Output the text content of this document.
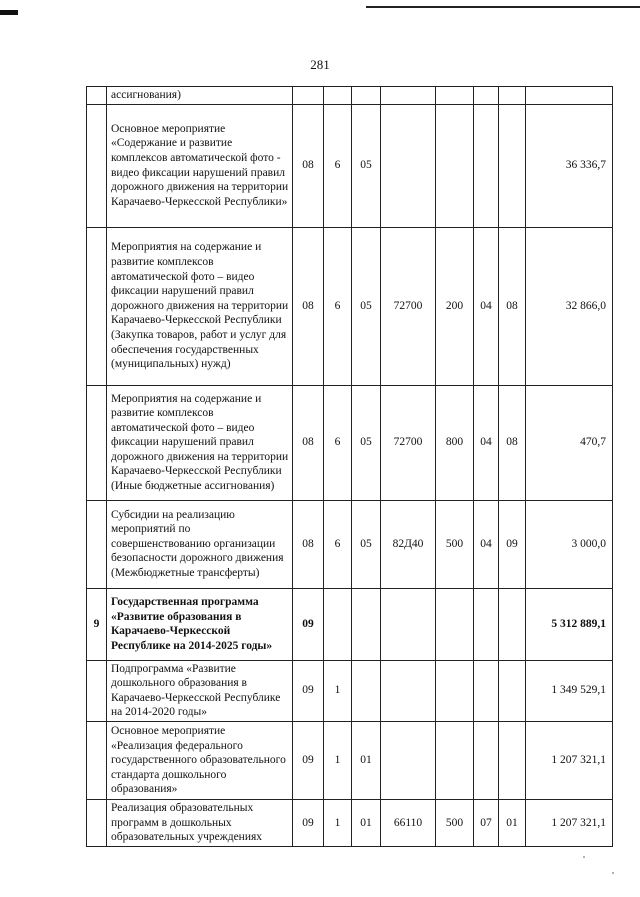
281
	ассигнования)								
	Основное мероприятие «Содержание и развитие комплексов автоматической фото - видео фиксации нарушений правил дорожного движения на территории Карачаево-Черкесской Республики»	08	6	05					36 336,7
	Мероприятия на содержание и развитие комплексов автоматической фото – видео фиксации нарушений правил дорожного движения на территории Карачаево-Черкесской Республики (Закупка товаров, работ и услуг для обеспечения государственных (муниципальных) нужд)	08	6	05	72700	200	04	08	32 866,0
	Мероприятия на содержание и развитие комплексов автоматической фото – видео фиксации нарушений правил дорожного движения на территории Карачаево-Черкесской Республики (Иные бюджетные ассигнования)	08	6	05	72700	800	04	08	470,7
	Субсидии на реализацию мероприятий по совершенствованию организации безопасности дорожного движения (Межбюджетные трансферты)	08	6	05	82Д40	500	04	09	3 000,0
9	Государственная программа «Развитие образования в Карачаево-Черкесской Республике на 2014-2025 годы»	09							5 312 889,1
	Подпрограмма «Развитие дошкольного образования в Карачаево-Черкесской Республике на 2014-2020 годы»	09	1						1 349 529,1
	Основное мероприятие «Реализация федерального государственного образовательного стандарта дошкольного образования»	09	1	01					1 207 321,1
	Реализация образовательных программ в дошкольных образовательных учреждениях	09	1	01	66110	500	07	01	1 207 321,1
